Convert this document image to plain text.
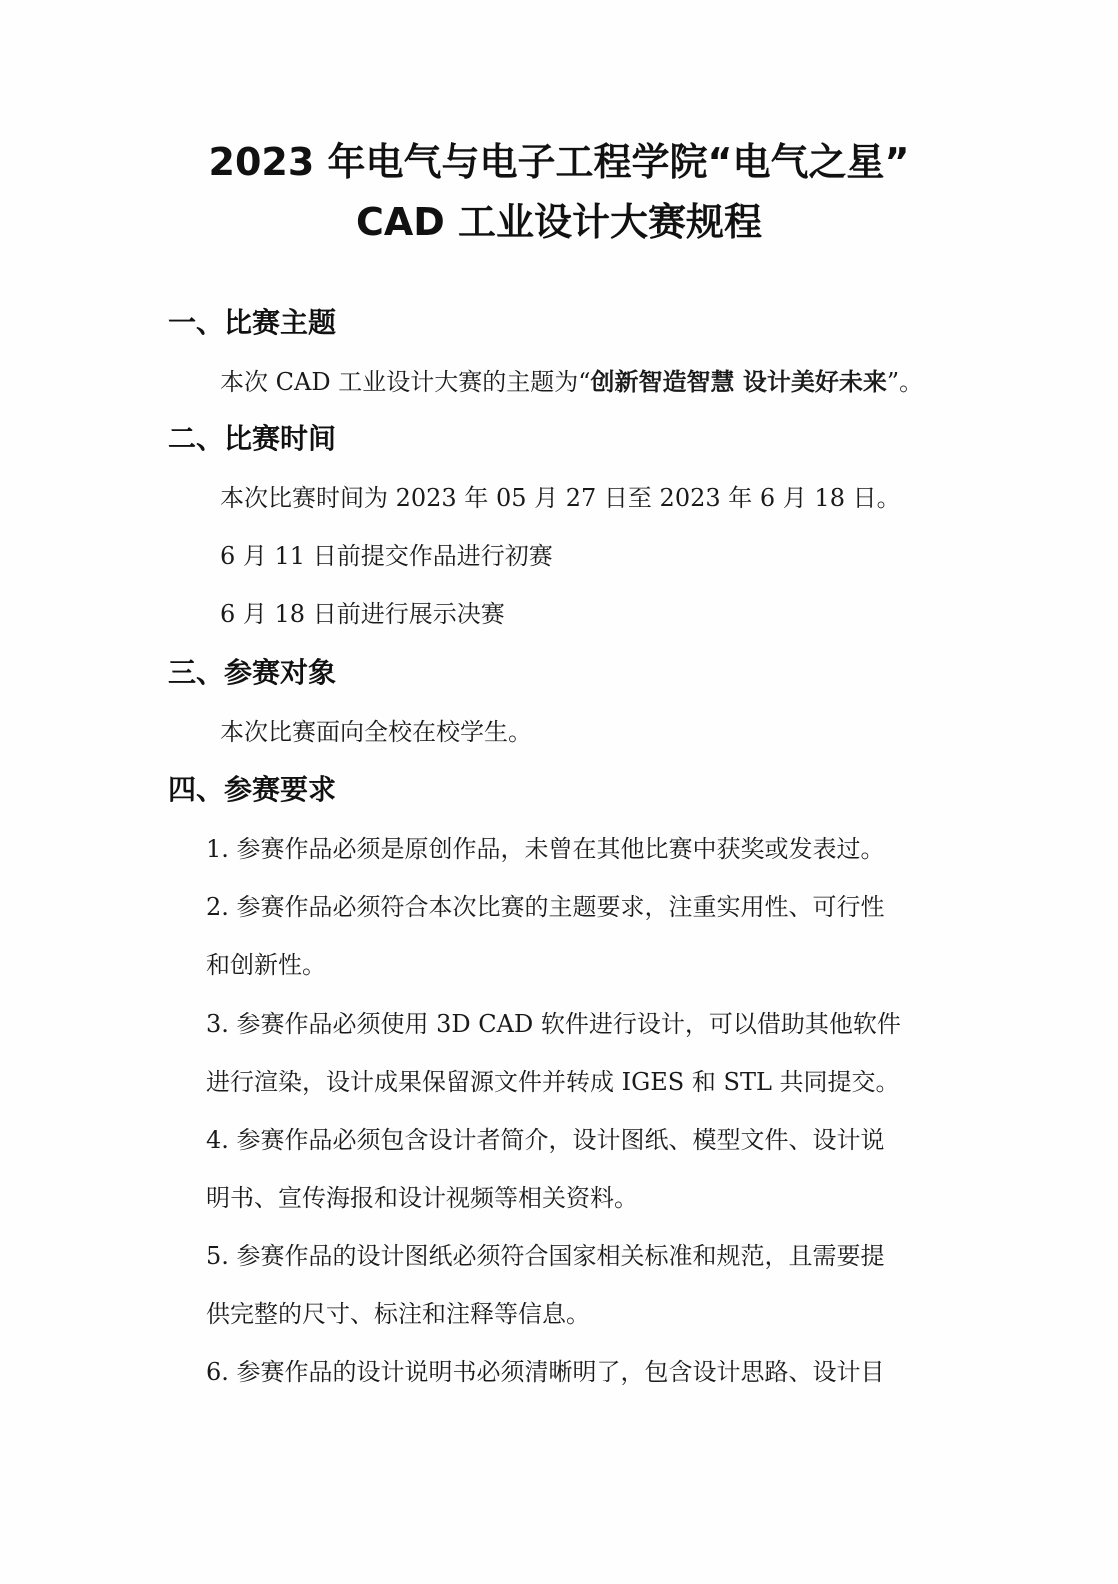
2023 年电气与电子工程学院“电气之星”
CAD 工业设计大赛规程
一、比赛主题

本次 CAD 工业设计大赛的主题为“创新智造智慧 设计美好未来”。

二、比赛时间

本次比赛时间为 2023 年 05 月 27 日至 2023 年 6 月 18 日。

6 月 11 日前提交作品进行初赛

6 月 18 日前进行展示决赛

三、参赛对象

本次比赛面向全校在校学生。

四、参赛要求

1. 参赛作品必须是原创作品，未曾在其他比赛中获奖或发表过。

2. 参赛作品必须符合本次比赛的主题要求，注重实用性、可行性

和创新性。

3. 参赛作品必须使用 3D CAD 软件进行设计，可以借助其他软件

进行渲染，设计成果保留源文件并转成 IGES 和 STL 共同提交。

4. 参赛作品必须包含设计者简介，设计图纸、模型文件、设计说

明书、宣传海报和设计视频等相关资料。

5. 参赛作品的设计图纸必须符合国家相关标准和规范，且需要提

供完整的尺寸、标注和注释等信息。

6. 参赛作品的设计说明书必须清晰明了，包含设计思路、设计目
